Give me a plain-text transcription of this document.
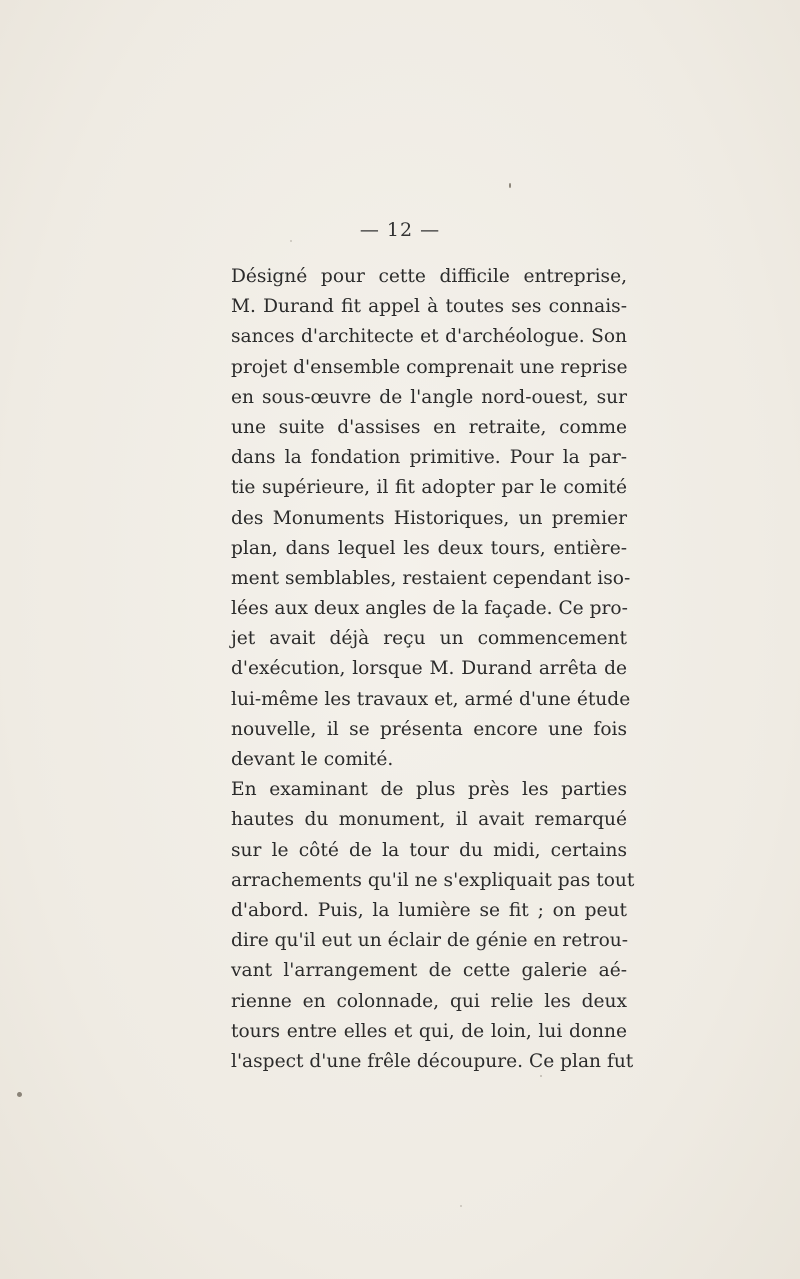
— 12 —
Désigné pour cette difficile entreprise,
M. Durand fit appel à toutes ses connais-
sances d'architecte et d'archéologue. Son
projet d'ensemble comprenait une reprise
en sous-œuvre de l'angle nord-ouest, sur
une suite d'assises en retraite, comme
dans la fondation primitive. Pour la par-
tie supérieure, il fit adopter par le comité
des Monuments Historiques, un premier
plan, dans lequel les deux tours, entière-
ment semblables, restaient cependant iso-
lées aux deux angles de la façade. Ce pro-
jet avait déjà reçu un commencement
d'exécution, lorsque M. Durand arrêta de
lui-même les travaux et, armé d'une étude
nouvelle, il se présenta encore une fois
devant le comité.
En examinant de plus près les parties
hautes du monument, il avait remarqué
sur le côté de la tour du midi, certains
arrachements qu'il ne s'expliquait pas tout
d'abord. Puis, la lumière se fit ; on peut
dire qu'il eut un éclair de génie en retrou-
vant l'arrangement de cette galerie aé-
rienne en colonnade, qui relie les deux
tours entre elles et qui, de loin, lui donne
l'aspect d'une frêle découpure. Ce plan fut
